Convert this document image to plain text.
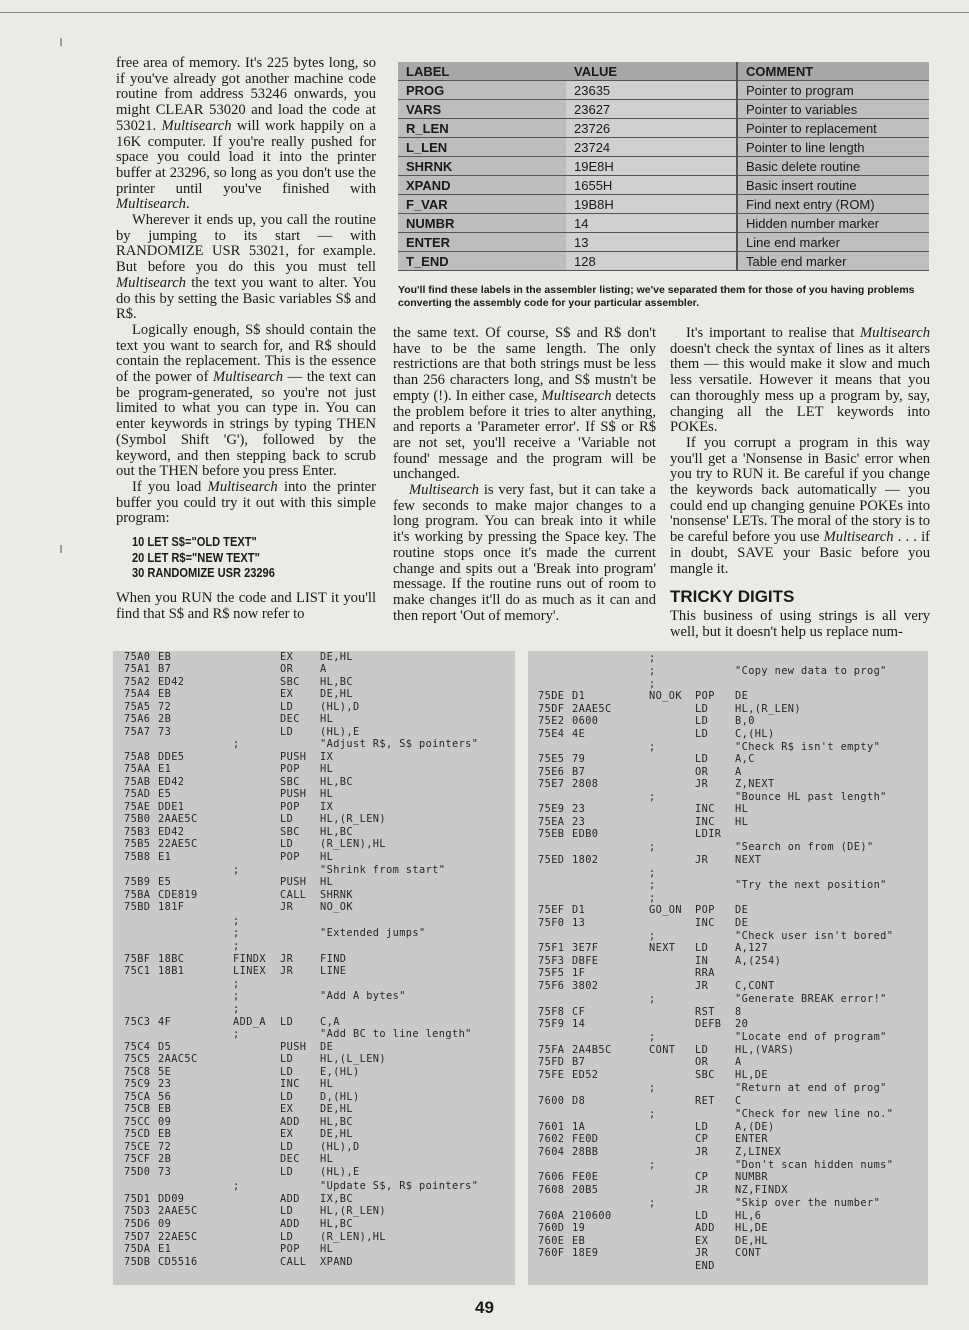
free area of memory. It's 225 bytes long, so if you've already got another machine code routine from address 53246 onwards, you might CLEAR 53020 and load the code at 53021. Multisearch will work happily on a 16K computer. If you're really pushed for space you could load it into the printer buffer at 23296, so long as you don't use the printer until you've finished with Multisearch.

Wherever it ends up, you call the routine by jumping to its start — with RANDOMIZE USR 53021, for example. But before you do this you must tell Multisearch the text you want to alter. You do this by setting the Basic variables S$ and R$.

Logically enough, S$ should contain the text you want to search for, and R$ should contain the replacement. This is the essence of the power of Multisearch — the text can be program-generated, so you're not just limited to what you can type in. You can enter keywords in strings by typing THEN (Symbol Shift 'G'), followed by the keyword, and then stepping back to scrub out the THEN before you press Enter.

If you load Multisearch into the printer buffer you could try it out with this simple program:

10 LET S$="OLD TEXT"
20 LET R$="NEW TEXT"
30 RANDOMIZE USR 23296

When you RUN the code and LIST it you'll find that S$ and R$ now refer to

LABEL	VALUE	COMMENT
PROG	23635	Pointer to program
VARS	23627	Pointer to variables
R_LEN	23726	Pointer to replacement
L_LEN	23724	Pointer to line length
SHRNK	19E8H	Basic delete routine
XPAND	1655H	Basic insert routine
F_VAR	19B8H	Find next entry (ROM)
NUMBR	14	Hidden number marker
ENTER	13	Line end marker
T_END	128	Table end marker
You'll find these labels in the assembler listing; we've separated them for those of you having problems converting the assembly code for your particular assembler.

the same text. Of course, S$ and R$ don't have to be the same length. The only restrictions are that both strings must be less than 256 characters long, and S$ mustn't be empty (!). In either case, Multisearch detects the problem before it tries to alter anything, and reports a 'Parameter error'. If S$ or R$ are not set, you'll receive a 'Variable not found' message and the program will be unchanged.

Multisearch is very fast, but it can take a few seconds to make major changes to a long program. You can break into it while it's working by pressing the Space key. The routine stops once it's made the current change and spits out a 'Break into program' message. If the routine runs out of room to make changes it'll do as much as it can and then report 'Out of memory'.

It's important to realise that Multisearch doesn't check the syntax of lines as it alters them — this would make it slow and much less versatile. However it means that you can thoroughly mess up a program by, say, changing all the LET keywords into POKEs.

If you corrupt a program in this way you'll get a 'Nonsense in Basic' error when you try to RUN it. Be careful if you change the keywords back automatically — you could end up changing genuine POKEs into 'nonsense' LETs. The moral of the story is to be careful before you use Multisearch . . . if in doubt, SAVE your Basic before you mangle it.

TRICKY DIGITS

This business of using strings is all very well, but it doesn't help us replace num-

75A0 EB	EX	DE,HL
75A1 B7	OR	A
75A2 ED42	SBC HL,BC
75A4 EB	EX	DE,HL
75A5 72	LD	(HL),D
75A6 2B	DEC HL
75A7 73	LD	(HL),E
;	"Adjust R$, S$ pointers"
75A8 DDE5	PUSH IX
75AA E1	POP HL
75AB ED42	SBC HL,BC
75AD E5	PUSH HL
75AE DDE1	POP IX
75B0 2AAE5C	LD	HL,(R_LEN)
75B3 ED42	SBC HL,BC
75B5 22AE5C	LD	(R_LEN),HL
75B8 E1	POP HL
;	"Shrink from start"
75B9 E5	PUSH HL
75BA CDE819	CALL SHRNK
75BD 181F	JR	NO_OK
;
;	"Extended jumps"
;
75BF 18BC	FINDX JR	FIND
75C1 18B1	LINEX JR	LINE
;
;	"Add A bytes"
;
75C3 4F	ADD_A LD	C,A
;	"Add BC to line length"
75C4 D5	PUSH DE
75C5 2AAC5C	LD	HL,(L_LEN)
75C8 5E	LD	E,(HL)
75C9 23	INC HL
75CA 56	LD	D,(HL)
75CB EB	EX	DE,HL
75CC 09	ADD HL,BC
75CD EB	EX	DE,HL
75CE 72	LD	(HL),D
75CF 2B	DEC HL
75D0 73	LD	(HL),E
;	"Update S$, R$ pointers"
75D1 DD09	ADD IX,BC
75D3 2AAE5C	LD	HL,(R_LEN)
75D6 09	ADD HL,BC
75D7 22AE5C	LD	(R_LEN),HL
75DA E1	POP HL
75DB CD5516	CALL XPAND
;
;	"Copy new data to prog"
;
75DE D1	NO_OK POP DE
75DF 2AAE5C	LD	HL,(R_LEN)
75E2 0600	LD	B,0
75E4 4E	LD	C,(HL)
;	"Check R$ isn't empty"
75E5 79	LD	A,C
75E6 B7	OR	A
75E7 2808	JR	Z,NEXT
;	"Bounce HL past length"
75E9 23	INC HL
75EA 23	INC HL
75EB EDB0	LDIR
;	"Search on from (DE)"
75ED 1802	JR	NEXT
;
;	"Try the next position"
;
75EF D1	GO_ON POP DE
75F0 13	INC DE
;	"Check user isn't bored"
75F1 3E7F	NEXT LD	A,127
75F3 DBFE	IN	A,(254)
75F5 1F	RRA
75F6 3802	JR	C,CONT
;	"Generate BREAK error!"
75F8 CF	RST 8
75F9 14	DEFB 20
;	"Locate end of program"
75FA 2A4B5C	CONT LD	HL,(VARS)
75FD B7	OR	A
75FE ED52	SBC HL,DE
;	"Return at end of prog"
7600 D8	RET C
;	"Check for new line no."
7601 1A	LD	A,(DE)
7602 FE0D	CP	ENTER
7604 28BB	JR	Z,LINEX
;	"Don't scan hidden nums"
7606 FE0E	CP	NUMBR
7608 20B5	JR	NZ,FINDX
;	"Skip over the number"
760A 210600	LD	HL,6
760D 19	ADD HL,DE
760E EB	EX	DE,HL
760F 18E9	JR	CONT
END
49
